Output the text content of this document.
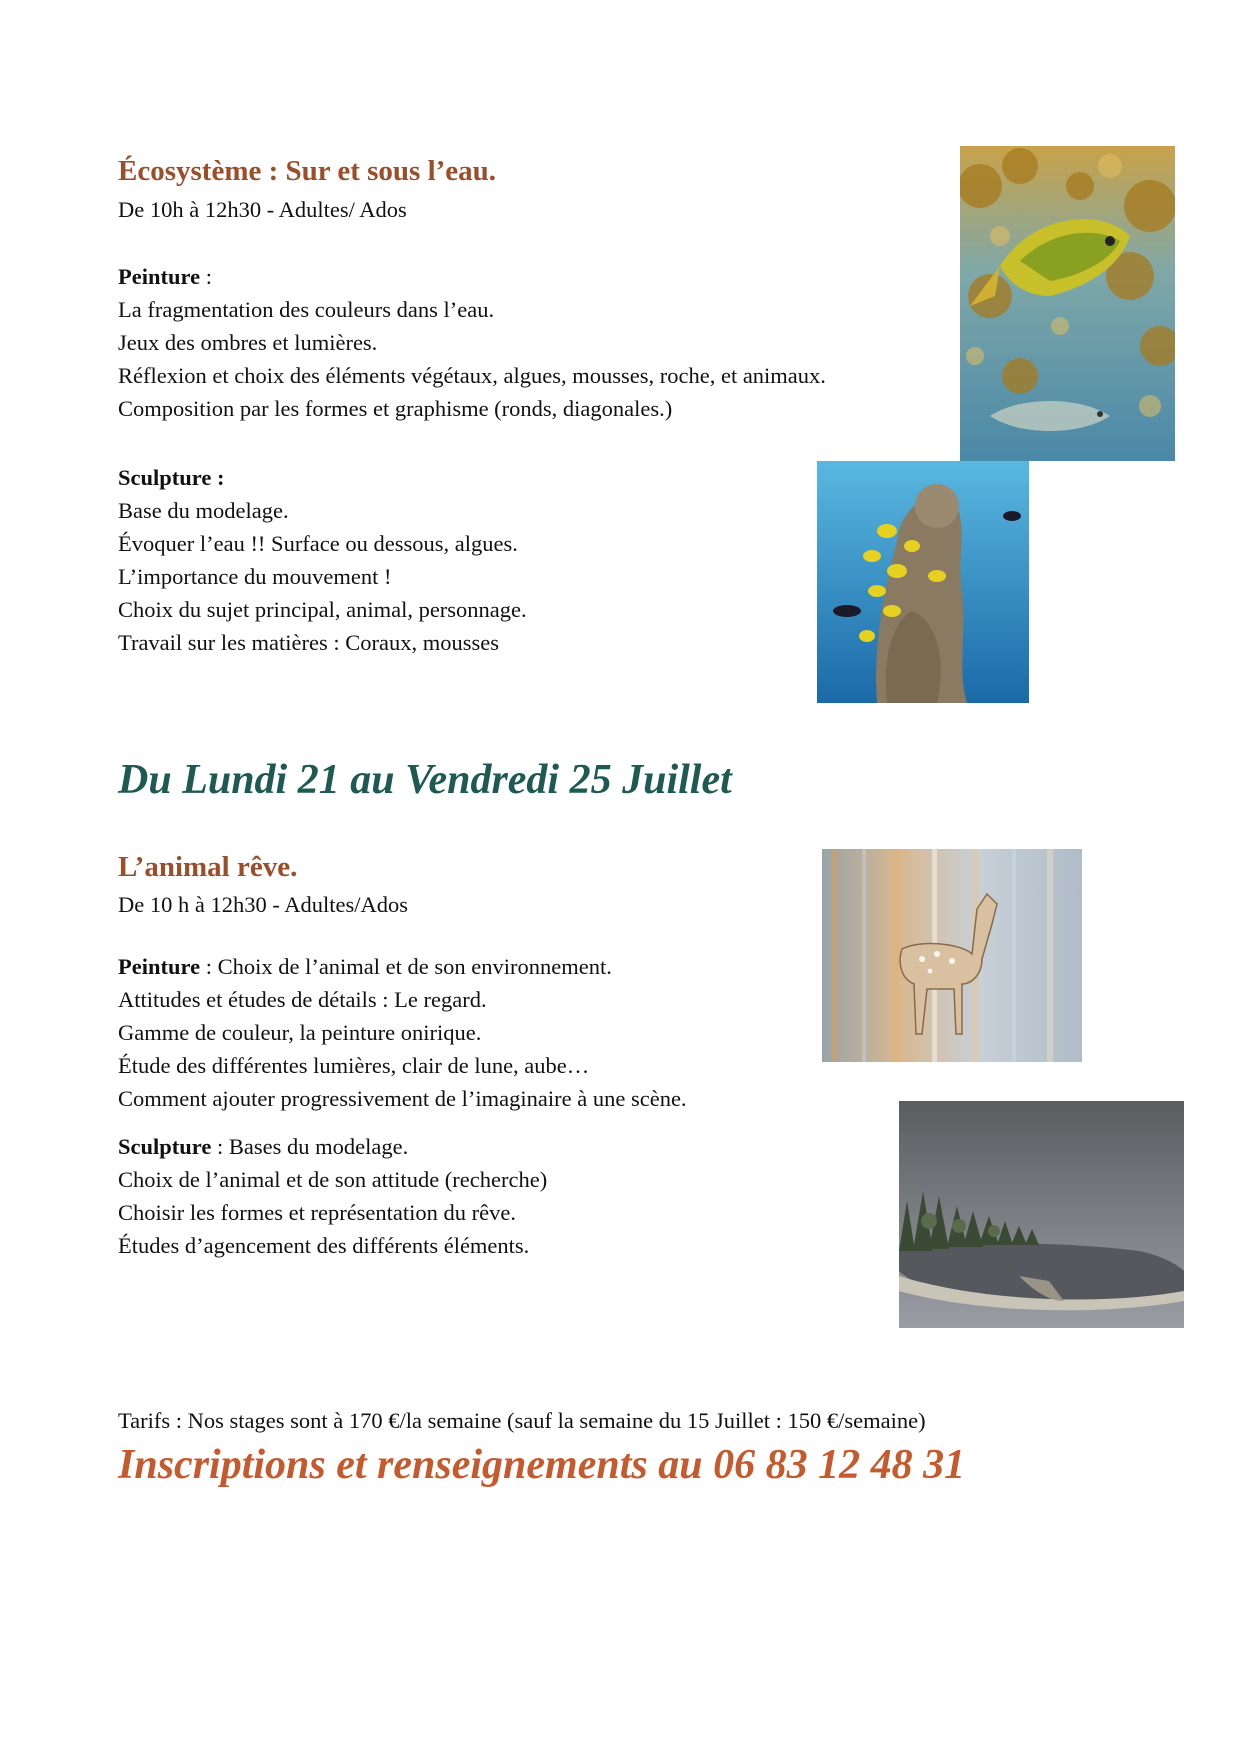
Écosystème : Sur et sous l’eau.

De 10h à 12h30 - Adultes/ Ados

Peinture :

La fragmentation des couleurs dans l’eau.

Jeux des ombres et lumières.

Réflexion et choix des éléments végétaux, algues, mousses, roche, et animaux.

Composition par les formes et graphisme (ronds, diagonales.)

Sculpture :

Base du modelage.

Évoquer l’eau !! Surface ou dessous, algues.

L’importance du mouvement !

Choix du sujet principal, animal, personnage.

Travail sur les matières : Coraux, mousses

Du Lundi 21 au Vendredi 25 Juillet
L’animal rêve.

De 10 h à 12h30 - Adultes/Ados

Peinture : Choix de l’animal et de son environnement.

Attitudes et études de détails : Le regard.

Gamme de couleur, la peinture onirique.

Étude des différentes lumières, clair de lune, aube…

Comment ajouter progressivement de l’imaginaire à une scène.

Sculpture : Bases du modelage.

Choix de l’animal et de son attitude (recherche)

Choisir les formes et représentation du rêve.

Études d’agencement des différents éléments.

Tarifs : Nos stages sont à 170 €/la semaine (sauf la semaine du 15 Juillet : 150 €/semaine)

Inscriptions et renseignements au 06 83 12 48 31
